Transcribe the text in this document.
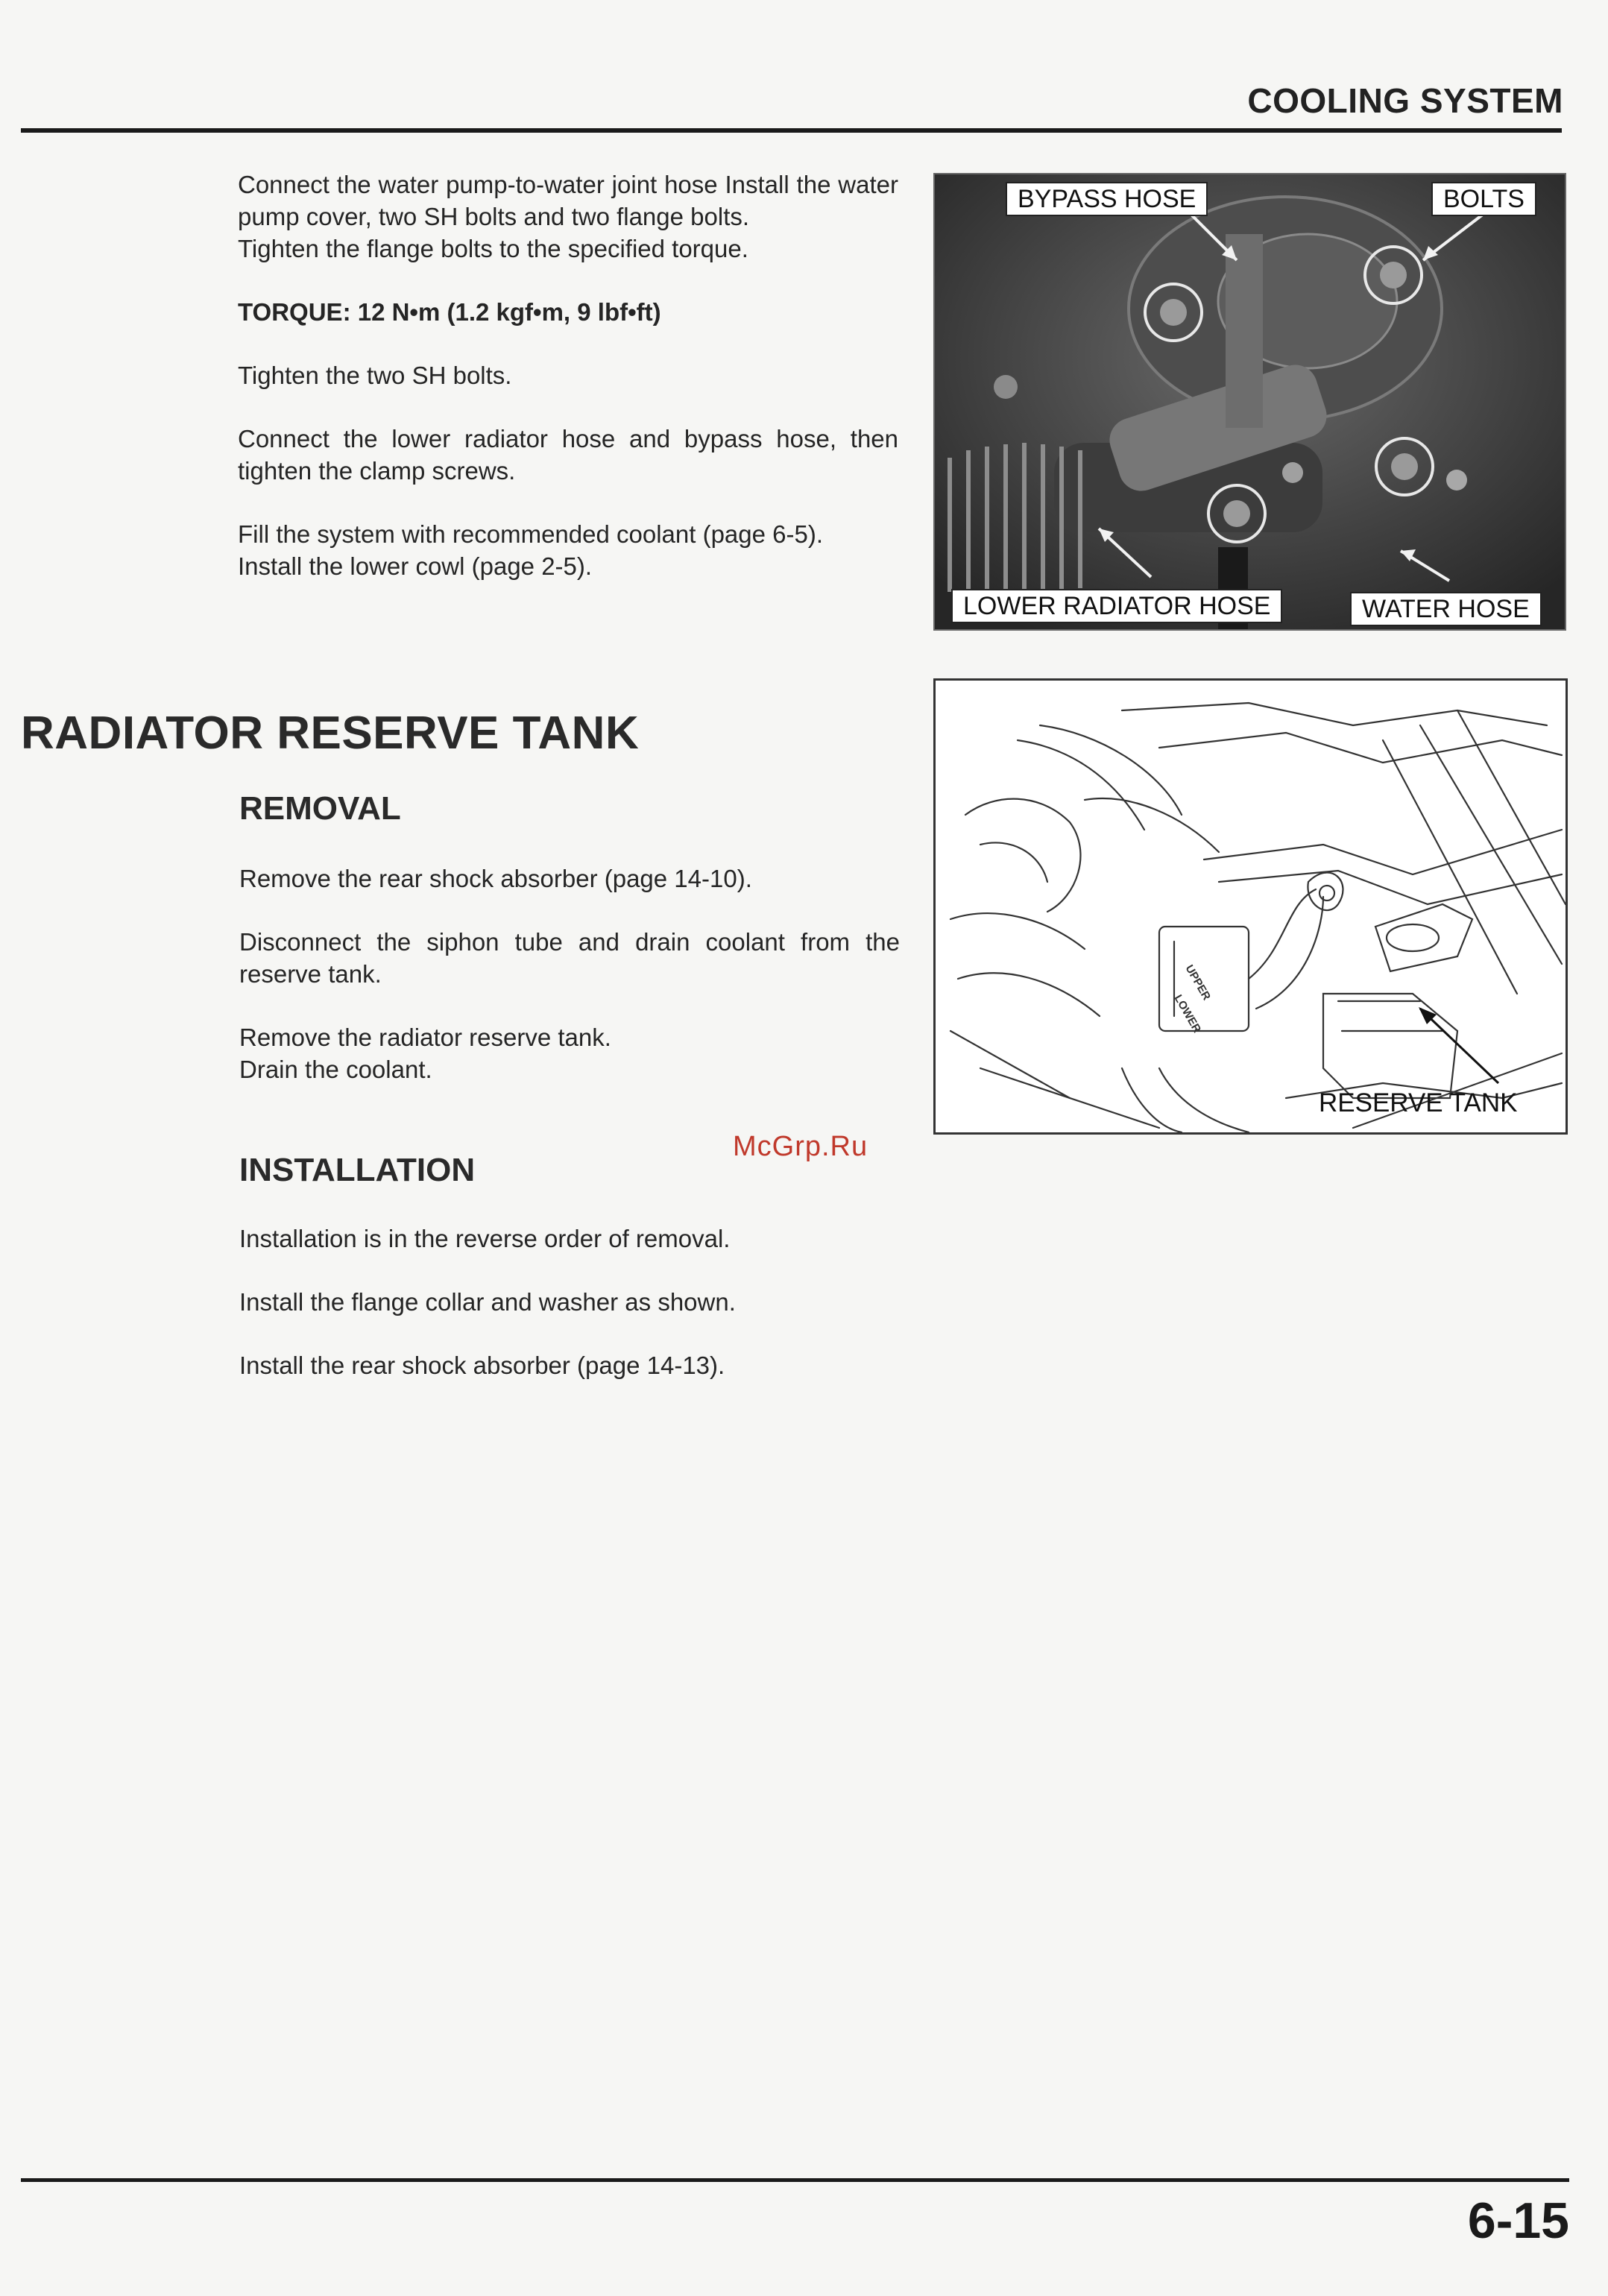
COOLING SYSTEM

Connect the water pump-to-water joint hose Install the water pump cover, two SH bolts and two flange bolts.

Tighten the flange bolts to the specified torque.

TORQUE: 12 N•m (1.2 kgf•m, 9 lbf•ft)

Tighten the two SH bolts.

Connect the lower radiator hose and bypass hose, then tighten the clamp screws.

Fill the system with recommended coolant (page 6-5).

Install the lower cowl (page 2-5).

BYPASS HOSE	BOLTS
LOWER RADIATOR HOSE	WATER HOSE
RADIATOR RESERVE TANK
REMOVAL

Remove the rear shock absorber (page 14-10).

Disconnect the siphon tube and drain coolant from the reserve tank.

Remove the radiator reserve tank.

Drain the coolant.

UPPER
LOWER
RESERVE TANK
McGrp.Ru
INSTALLATION

Installation is in the reverse order of removal.

Install the flange collar and washer as shown.

Install the rear shock absorber (page 14-13).

6-15
